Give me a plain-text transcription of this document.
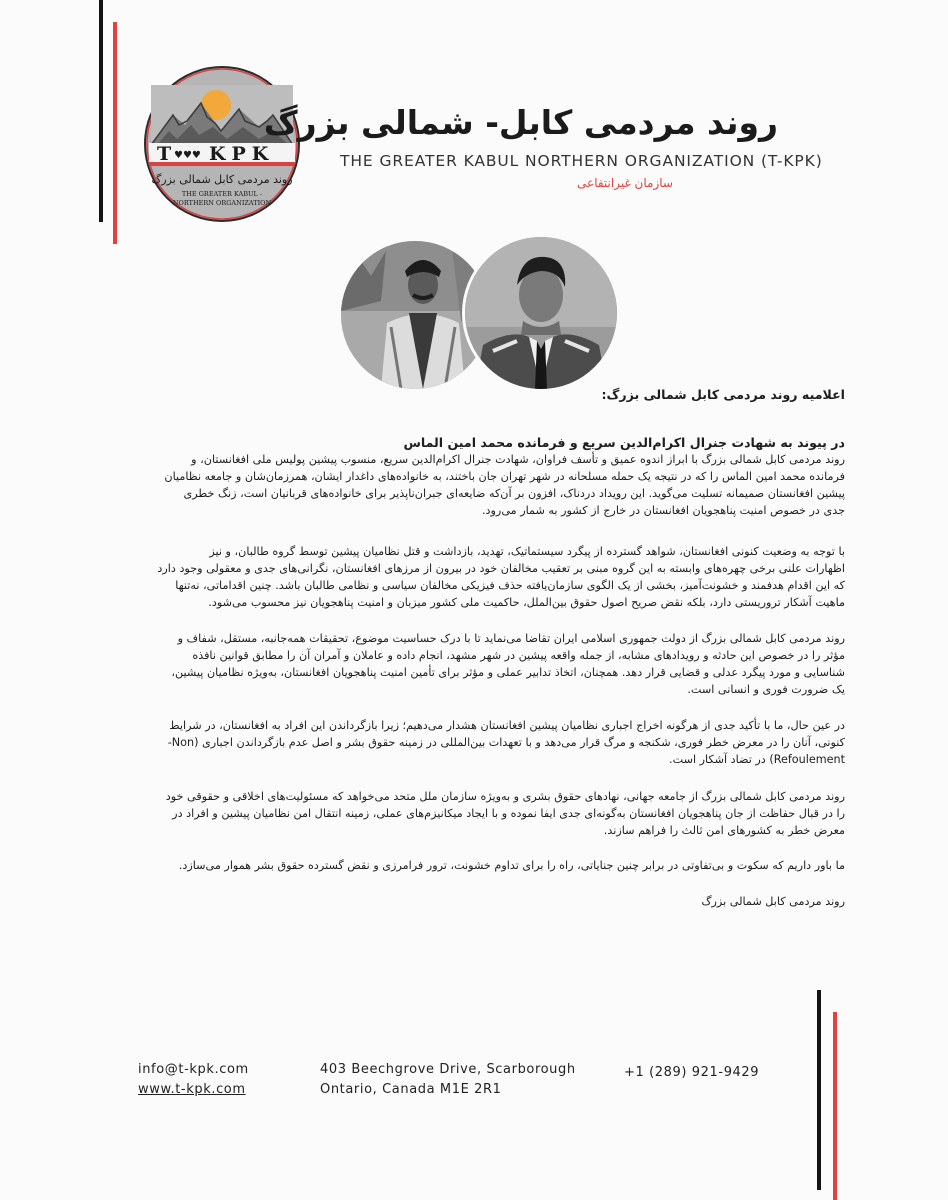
T ♥♥♥ KPK
روند مردمی کابل شمالی بزرگ
THE GREATER KABUL -
NORTHERN ORGANIZATION
روند مردمی کابل- شمالی بزرگ
THE GREATER KABUL NORTHERN ORGANIZATION (T-KPK)
سازمان غیرانتفاعی
اعلامیه روند مردمی کابل شمالی بزرگ:
در پیوند به شهادت جنرال اکرام‌الدین سریع و فرمانده محمد امین الماس

روند مردمی کابل شمالی بزرگ با ابراز اندوه عمیق و تأسف فراوان، شهادت جنرال اکرام‌الدین سریع، منسوب پیشین پولیس ملی افغانستان، و

فرمانده محمد امین الماس را که در نتیجه یک حمله مسلحانه در شهر تهران جان باختند، به خانواده‌های داغدار ایشان، همرزمان‌شان و جامعه نظامیان

پیشین افغانستان صمیمانه تسلیت می‌گوید. این رویداد دردناک، افزون بر آن‌که ضایعه‌ای جبران‌ناپذیر برای خانواده‌های قربانیان است، زنگ خطری

جدی در خصوص امنیت پناهجویان افغانستان در خارج از کشور به شمار می‌رود.

با توجه به وضعیت کنونی افغانستان، شواهد گسترده از پیگرد سیستماتیک، تهدید، بازداشت و قتل نظامیان پیشین توسط گروه طالبان، و نیز

اظهارات علنی برخی چهره‌های وابسته به این گروه مبنی بر تعقیب مخالفان خود در بیرون از مرزهای افغانستان، نگرانی‌های جدی و معقولی وجود دارد

که این اقدام هدفمند و خشونت‌آمیز، بخشی از یک الگوی سازمان‌یافته حذف فیزیکی مخالفان سیاسی و نظامی طالبان باشد. چنین اقداماتی، نه‌تنها

ماهیت آشکار تروریستی دارد، بلکه نقض صریح اصول حقوق بین‌الملل، حاکمیت ملی کشور میزبان و امنیت پناهجویان نیز محسوب می‌شود.

روند مردمی کابل شمالی بزرگ از دولت جمهوری اسلامی ایران تقاضا می‌نماید تا با درک حساسیت موضوع، تحقیقات همه‌جانبه، مستقل، شفاف و

مؤثر را در خصوص این حادثه و رویدادهای مشابه، از جمله واقعه پیشین در شهر مشهد، انجام داده و عاملان و آمران آن را مطابق قوانین نافذه

شناسایی و مورد پیگرد عدلی و قضایی قرار دهد. همچنان، اتخاذ تدابیر عملی و مؤثر برای تأمین امنیت پناهجویان افغانستان، به‌ویژه نظامیان پیشین،

یک ضرورت فوری و انسانی است.

در عین حال، ما با تأکید جدی از هرگونه اخراج اجباری نظامیان پیشین افغانستان هشدار می‌دهیم؛ زیرا بازگرداندن این افراد به افغانستان، در شرایط

کنونی، آنان را در معرض خطر فوری، شکنجه و مرگ قرار می‌دهد و با تعهدات بین‌المللی در زمینه حقوق بشر و اصل عدم بازگرداندن اجباری (Non-

Refoulement) در تضاد آشکار است.

روند مردمی کابل شمالی بزرگ از جامعه جهانی، نهادهای حقوق بشری و به‌ویژه سازمان ملل متحد می‌خواهد که مسئولیت‌های اخلاقی و حقوقی خود

را در قبال حفاظت از جان پناهجویان افغانستان به‌گونه‌ای جدی ایفا نموده و با ایجاد میکانیزم‌های عملی، زمینه انتقال امن نظامیان پیشین و افراد در

معرض خطر به کشورهای امن ثالث را فراهم سازند.

ما باور داریم که سکوت و بی‌تفاوتی در برابر چنین جنایاتی، راه را برای تداوم خشونت، ترور فرامرزی و نقض گسترده حقوق بشر هموار می‌سازد.

روند مردمی کابل شمالی بزرگ
info@t-kpk.com
www.t-kpk.com
403 Beechgrove Drive, Scarborough
Ontario, Canada M1E 2R1
+1 (289) 921-9429
